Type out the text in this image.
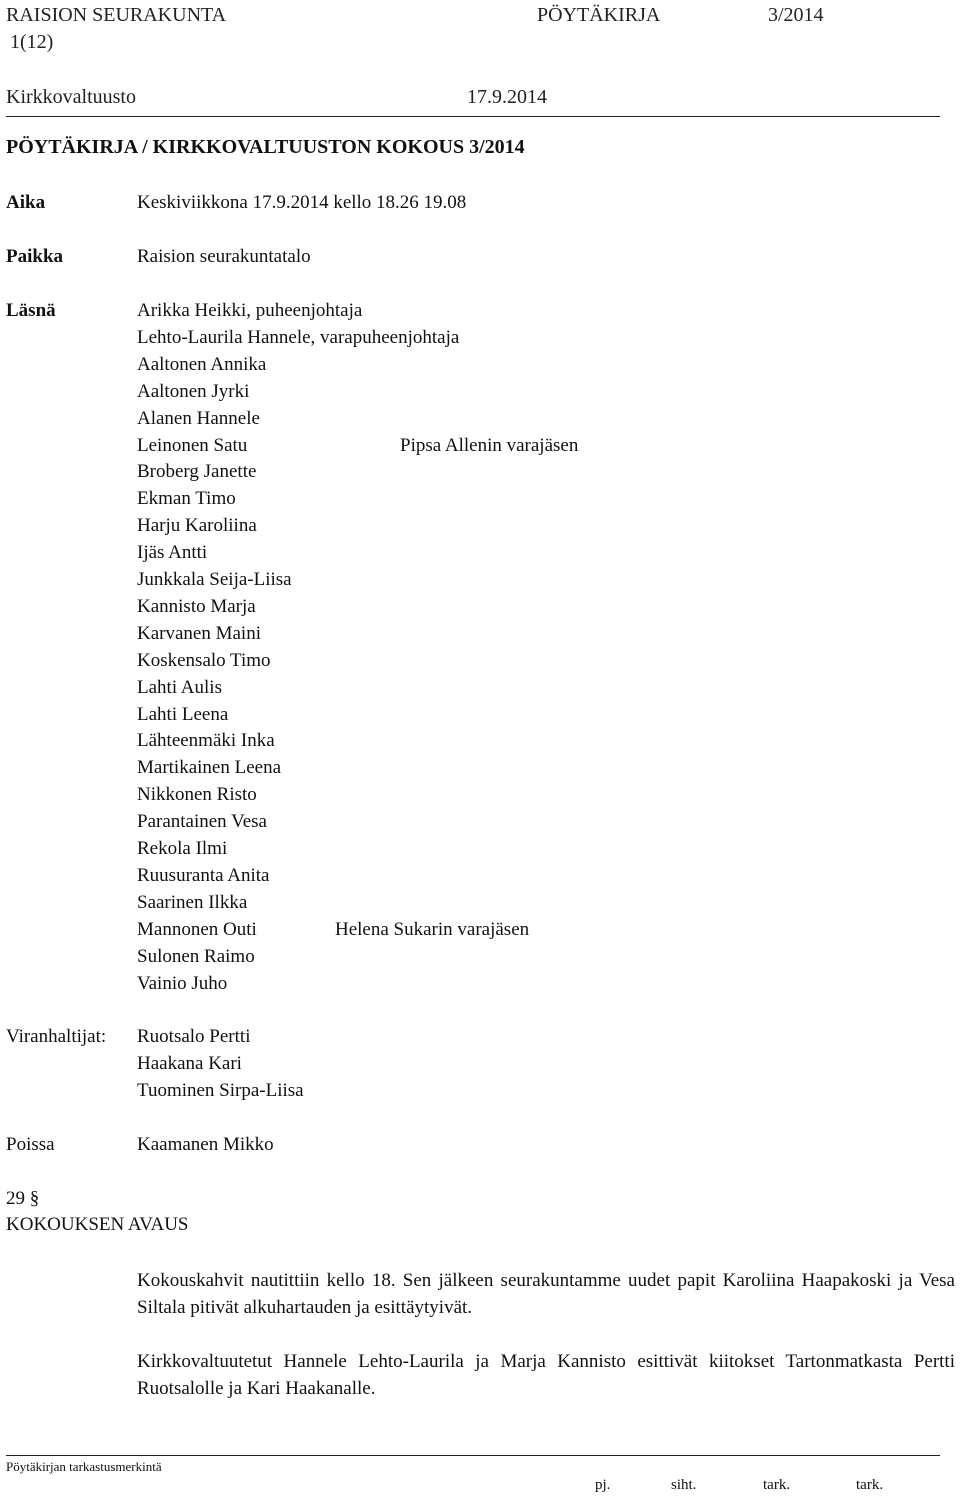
RAISION SEURAKUNTA	PÖYTÄKIRJA	3/2014
1(12)
Kirkkovaltuusto	17.9.2014
PÖYTÄKIRJA / KIRKKOVALTUUSTON KOKOUS 3/2014
Aika	Keskiviikkona 17.9.2014 kello 18.26 19.08
Paikka	Raision seurakuntatalo
Läsnä	Arikka Heikki, puheenjohtaja
Lehto-Laurila Hannele, varapuheenjohtaja
Aaltonen Annika
Aaltonen Jyrki
Alanen Hannele
Leinonen Satu	Pipsa Allenin varajäsen
Broberg Janette
Ekman Timo
Harju Karoliina
Ijäs Antti
Junkkala Seija-Liisa
Kannisto Marja
Karvanen Maini
Koskensalo Timo
Lahti Aulis
Lahti Leena
Lähteenmäki Inka
Martikainen Leena
Nikkonen Risto
Parantainen Vesa
Rekola Ilmi
Ruusuranta Anita
Saarinen Ilkka
Mannonen Outi	Helena Sukarin varajäsen
Sulonen Raimo
Vainio Juho
Viranhaltijat: Ruotsalo Pertti
Haakana Kari
Tuominen Sirpa-Liisa
Poissa	Kaamanen Mikko
29 §
KOKOUKSEN AVAUS
Kokouskahvit nautittiin kello 18. Sen jälkeen seurakuntamme uudet papit Karoliina Haapakoski ja Vesa Siltala pitivät alkuhartauden ja esittäytyivät.
Kirkkovaltuutetut Hannele Lehto-Laurila ja Marja Kannisto esittivät kiitokset Tartonmatkasta Pertti Ruotsalolle ja Kari Haakanalle.
Pöytäkirjan tarkastusmerkintä
pj.	siht.	tark.	tark.
